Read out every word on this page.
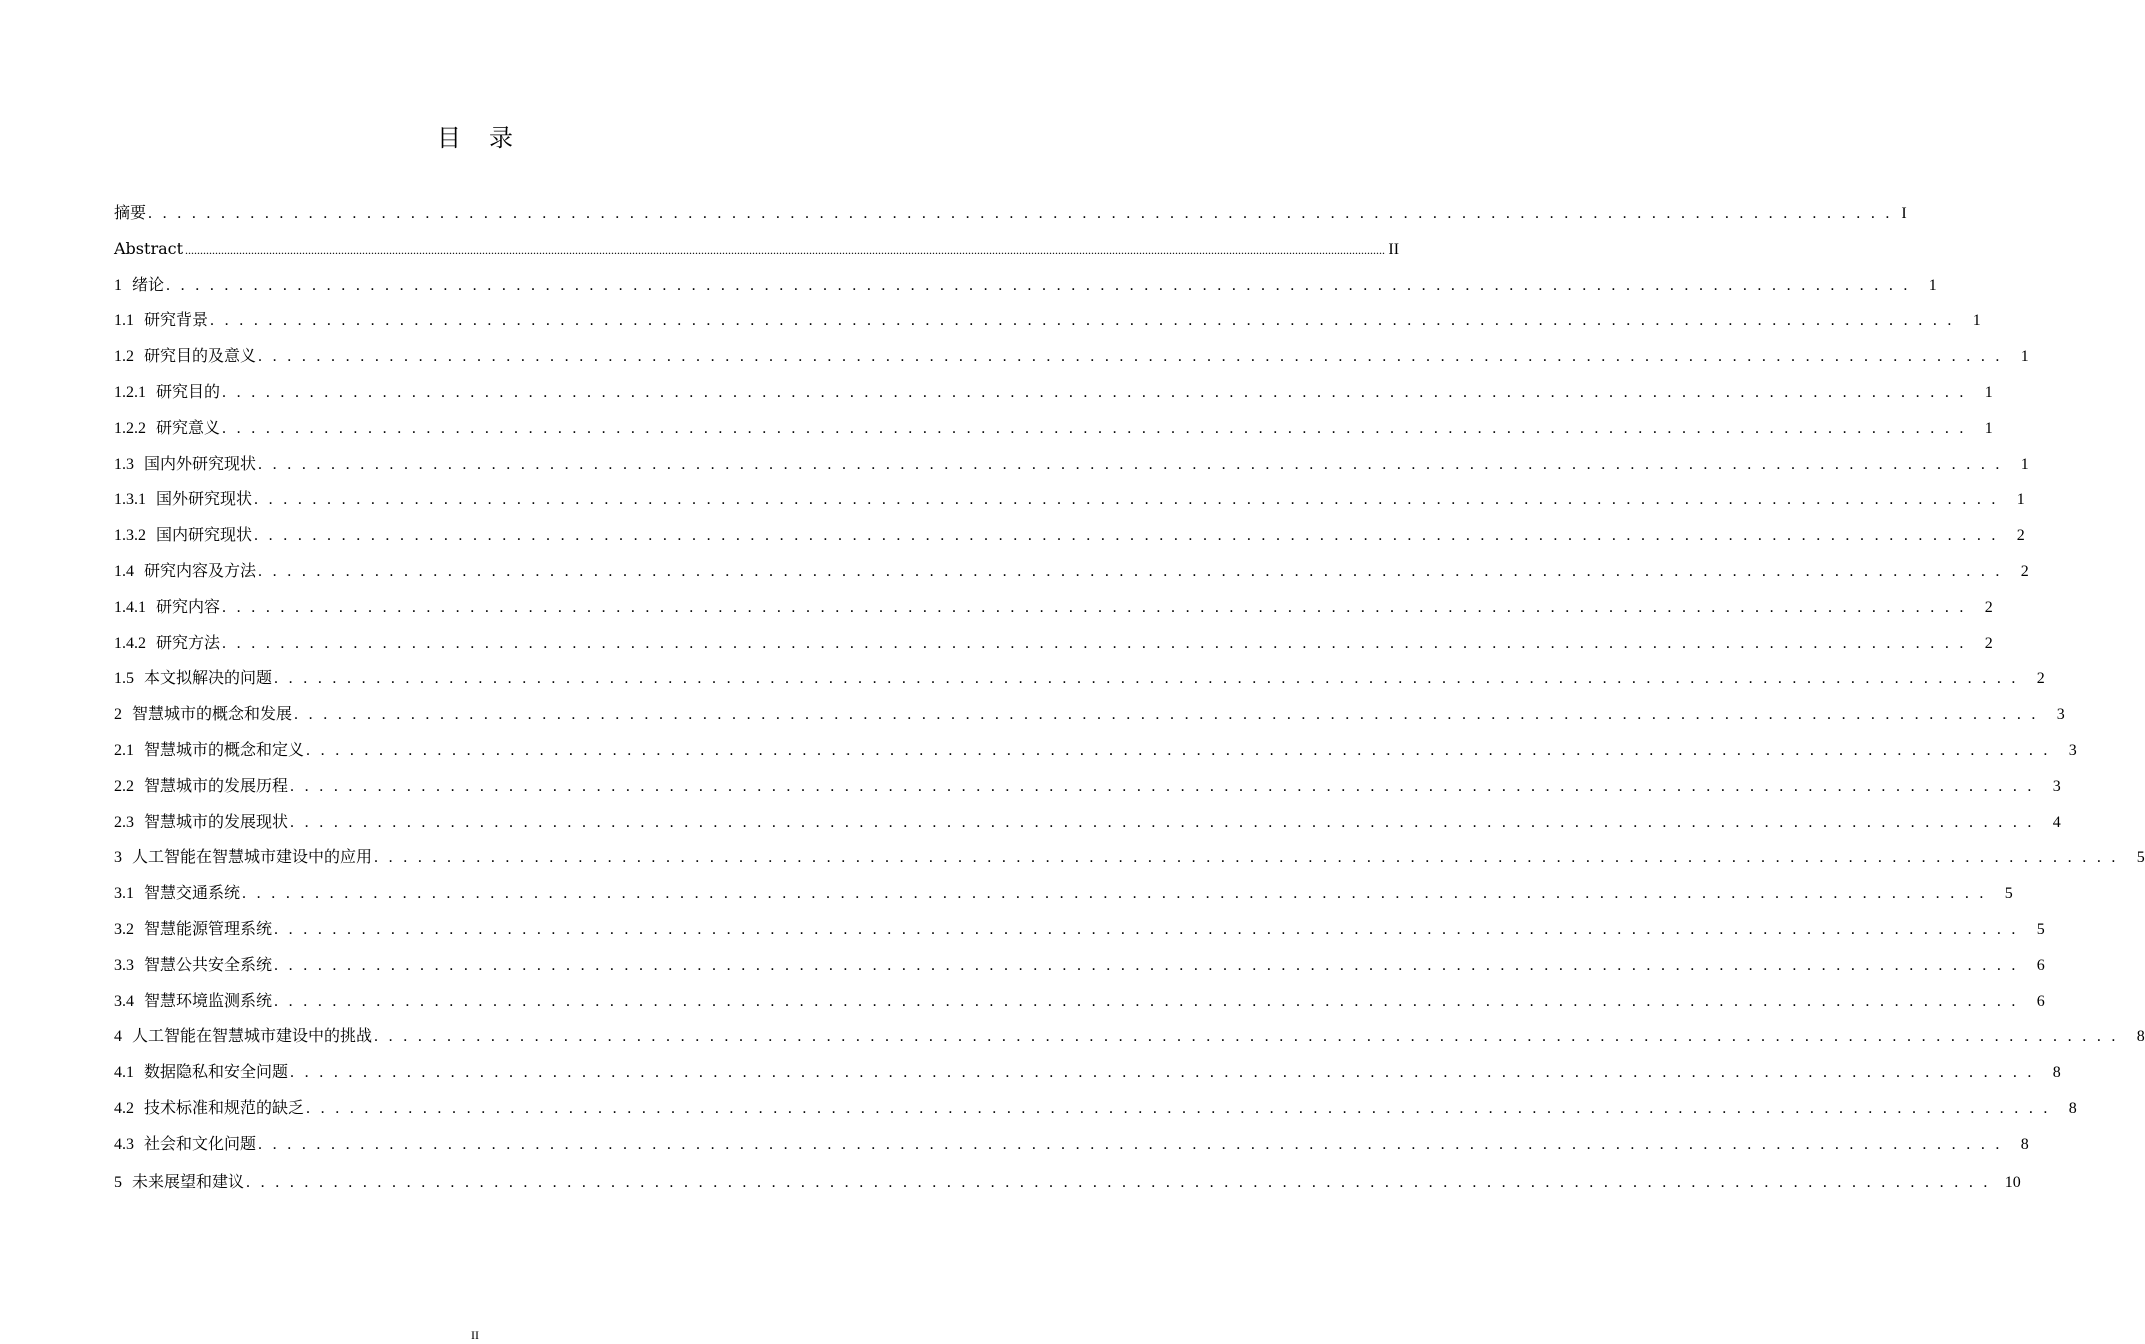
目录
摘要 . . . . . . . . . . . . . . . . . . . . . . . . . . . . . . . . . . . . . . . . . . . . . . . . . . . . . . . . . . . . . . . . . . . . . . . . . . . . . . . . . . . . . . . . . . . . . . . . . . . . . . . . . . . . . . . . . . . . . . . . I
Abstract ................................................................................................................................................................................................................................................................................................................................................................................................................ II
1 绪论 . . . . . . . . . . . . . . . . . . . . . . . . . . . . . . . . . . . . . . . . . . . . . . . . . . . . . . . . . . . . . . . . . . . . . . . . . . . . . . . . . . . . . . . . . . . . . . . . . . . . . . . . . . . . . . . . . . . . . . . .	1
1.1 研究背景 . . . . . . . . . . . . . . . . . . . . . . . . . . . . . . . . . . . . . . . . . . . . . . . . . . . . . . . . . . . . . . . . . . . . . . . . . . . . . . . . . . . . . . . . . . . . . . . . . . . . . . . . . . . . . . . . . . . . . . . .	1
1.2 研究目的及意义 . . . . . . . . . . . . . . . . . . . . . . . . . . . . . . . . . . . . . . . . . . . . . . . . . . . . . . . . . . . . . . . . . . . . . . . . . . . . . . . . . . . . . . . . . . . . . . . . . . . . . . . . . . . . . . . . . . . . . . . .	1
1.2.1 研究目的 . . . . . . . . . . . . . . . . . . . . . . . . . . . . . . . . . . . . . . . . . . . . . . . . . . . . . . . . . . . . . . . . . . . . . . . . . . . . . . . . . . . . . . . . . . . . . . . . . . . . . . . . . . . . . . . . . . . . . . . .	1
1.2.2 研究意义 . . . . . . . . . . . . . . . . . . . . . . . . . . . . . . . . . . . . . . . . . . . . . . . . . . . . . . . . . . . . . . . . . . . . . . . . . . . . . . . . . . . . . . . . . . . . . . . . . . . . . . . . . . . . . . . . . . . . . . . .	1
1.3 国内外研究现状 . . . . . . . . . . . . . . . . . . . . . . . . . . . . . . . . . . . . . . . . . . . . . . . . . . . . . . . . . . . . . . . . . . . . . . . . . . . . . . . . . . . . . . . . . . . . . . . . . . . . . . . . . . . . . . . . . . . . . . . .	1
1.3.1 国外研究现状 . . . . . . . . . . . . . . . . . . . . . . . . . . . . . . . . . . . . . . . . . . . . . . . . . . . . . . . . . . . . . . . . . . . . . . . . . . . . . . . . . . . . . . . . . . . . . . . . . . . . . . . . . . . . . . . . . . . . . . . .	1
1.3.2 国内研究现状 . . . . . . . . . . . . . . . . . . . . . . . . . . . . . . . . . . . . . . . . . . . . . . . . . . . . . . . . . . . . . . . . . . . . . . . . . . . . . . . . . . . . . . . . . . . . . . . . . . . . . . . . . . . . . . . . . . . . . . . .	2
1.4 研究内容及方法 . . . . . . . . . . . . . . . . . . . . . . . . . . . . . . . . . . . . . . . . . . . . . . . . . . . . . . . . . . . . . . . . . . . . . . . . . . . . . . . . . . . . . . . . . . . . . . . . . . . . . . . . . . . . . . . . . . . . . . . .	2
1.4.1 研究内容 . . . . . . . . . . . . . . . . . . . . . . . . . . . . . . . . . . . . . . . . . . . . . . . . . . . . . . . . . . . . . . . . . . . . . . . . . . . . . . . . . . . . . . . . . . . . . . . . . . . . . . . . . . . . . . . . . . . . . . . .	2
1.4.2 研究方法 . . . . . . . . . . . . . . . . . . . . . . . . . . . . . . . . . . . . . . . . . . . . . . . . . . . . . . . . . . . . . . . . . . . . . . . . . . . . . . . . . . . . . . . . . . . . . . . . . . . . . . . . . . . . . . . . . . . . . . . .	2
1.5 本文拟解决的问题 . . . . . . . . . . . . . . . . . . . . . . . . . . . . . . . . . . . . . . . . . . . . . . . . . . . . . . . . . . . . . . . . . . . . . . . . . . . . . . . . . . . . . . . . . . . . . . . . . . . . . . . . . . . . . . . . . . . . . . . .	2
2 智慧城市的概念和发展 . . . . . . . . . . . . . . . . . . . . . . . . . . . . . . . . . . . . . . . . . . . . . . . . . . . . . . . . . . . . . . . . . . . . . . . . . . . . . . . . . . . . . . . . . . . . . . . . . . . . . . . . . . . . . . . . . . . . . . . .	3
2.1 智慧城市的概念和定义 . . . . . . . . . . . . . . . . . . . . . . . . . . . . . . . . . . . . . . . . . . . . . . . . . . . . . . . . . . . . . . . . . . . . . . . . . . . . . . . . . . . . . . . . . . . . . . . . . . . . . . . . . . . . . . . . . . . . . . . .	3
2.2 智慧城市的发展历程 . . . . . . . . . . . . . . . . . . . . . . . . . . . . . . . . . . . . . . . . . . . . . . . . . . . . . . . . . . . . . . . . . . . . . . . . . . . . . . . . . . . . . . . . . . . . . . . . . . . . . . . . . . . . . . . . . . . . . . . .	3
2.3 智慧城市的发展现状 . . . . . . . . . . . . . . . . . . . . . . . . . . . . . . . . . . . . . . . . . . . . . . . . . . . . . . . . . . . . . . . . . . . . . . . . . . . . . . . . . . . . . . . . . . . . . . . . . . . . . . . . . . . . . . . . . . . . . . . .	4
3 人工智能在智慧城市建设中的应用 . . . . . . . . . . . . . . . . . . . . . . . . . . . . . . . . . . . . . . . . . . . . . . . . . . . . . . . . . . . . . . . . . . . . . . . . . . . . . . . . . . . . . . . . . . . . . . . . . . . . . . . . . . . . . . . . . . . . . . . .	5
3.1 智慧交通系统 . . . . . . . . . . . . . . . . . . . . . . . . . . . . . . . . . . . . . . . . . . . . . . . . . . . . . . . . . . . . . . . . . . . . . . . . . . . . . . . . . . . . . . . . . . . . . . . . . . . . . . . . . . . . . . . . . . . . . . . .	5
3.2 智慧能源管理系统 . . . . . . . . . . . . . . . . . . . . . . . . . . . . . . . . . . . . . . . . . . . . . . . . . . . . . . . . . . . . . . . . . . . . . . . . . . . . . . . . . . . . . . . . . . . . . . . . . . . . . . . . . . . . . . . . . . . . . . . .	5
3.3 智慧公共安全系统 . . . . . . . . . . . . . . . . . . . . . . . . . . . . . . . . . . . . . . . . . . . . . . . . . . . . . . . . . . . . . . . . . . . . . . . . . . . . . . . . . . . . . . . . . . . . . . . . . . . . . . . . . . . . . . . . . . . . . . . .	6
3.4 智慧环境监测系统 . . . . . . . . . . . . . . . . . . . . . . . . . . . . . . . . . . . . . . . . . . . . . . . . . . . . . . . . . . . . . . . . . . . . . . . . . . . . . . . . . . . . . . . . . . . . . . . . . . . . . . . . . . . . . . . . . . . . . . . .	6
4 人工智能在智慧城市建设中的挑战 . . . . . . . . . . . . . . . . . . . . . . . . . . . . . . . . . . . . . . . . . . . . . . . . . . . . . . . . . . . . . . . . . . . . . . . . . . . . . . . . . . . . . . . . . . . . . . . . . . . . . . . . . . . . . . . . . . . . . . . .	8
4.1 数据隐私和安全问题 . . . . . . . . . . . . . . . . . . . . . . . . . . . . . . . . . . . . . . . . . . . . . . . . . . . . . . . . . . . . . . . . . . . . . . . . . . . . . . . . . . . . . . . . . . . . . . . . . . . . . . . . . . . . . . . . . . . . . . . .	8
4.2 技术标准和规范的缺乏 . . . . . . . . . . . . . . . . . . . . . . . . . . . . . . . . . . . . . . . . . . . . . . . . . . . . . . . . . . . . . . . . . . . . . . . . . . . . . . . . . . . . . . . . . . . . . . . . . . . . . . . . . . . . . . . . . . . . . . . .	8
4.3 社会和文化问题 . . . . . . . . . . . . . . . . . . . . . . . . . . . . . . . . . . . . . . . . . . . . . . . . . . . . . . . . . . . . . . . . . . . . . . . . . . . . . . . . . . . . . . . . . . . . . . . . . . . . . . . . . . . . . . . . . . . . . . . .	8
5 未来展望和建议 . . . . . . . . . . . . . . . . . . . . . . . . . . . . . . . . . . . . . . . . . . . . . . . . . . . . . . . . . . . . . . . . . . . . . . . . . . . . . . . . . . . . . . . . . . . . . . . . . . . . . . . . . . . . . . . . . . . . . . . . 10
II
